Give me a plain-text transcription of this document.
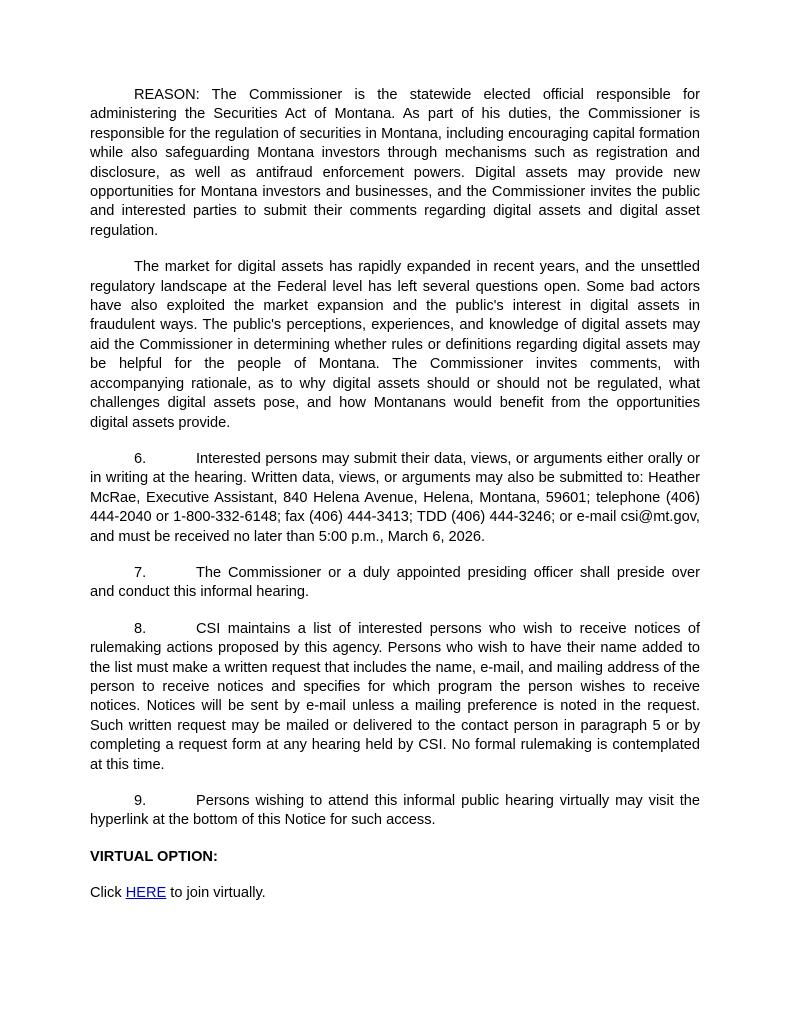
REASON: The Commissioner is the statewide elected official responsible for administering the Securities Act of Montana. As part of his duties, the Commissioner is responsible for the regulation of securities in Montana, including encouraging capital formation while also safeguarding Montana investors through mechanisms such as registration and disclosure, as well as antifraud enforcement powers. Digital assets may provide new opportunities for Montana investors and businesses, and the Commissioner invites the public and interested parties to submit their comments regarding digital assets and digital asset regulation.

The market for digital assets has rapidly expanded in recent years, and the unsettled regulatory landscape at the Federal level has left several questions open. Some bad actors have also exploited the market expansion and the public's interest in digital assets in fraudulent ways. The public's perceptions, experiences, and knowledge of digital assets may aid the Commissioner in determining whether rules or definitions regarding digital assets may be helpful for the people of Montana. The Commissioner invites comments, with accompanying rationale, as to why digital assets should or should not be regulated, what challenges digital assets pose, and how Montanans would benefit from the opportunities digital assets provide.

6.	Interested persons may submit their data, views, or arguments either orally or in writing at the hearing. Written data, views, or arguments may also be submitted to: Heather McRae, Executive Assistant, 840 Helena Avenue, Helena, Montana, 59601; telephone (406) 444-2040 or 1-800-332-6148; fax (406) 444-3413; TDD (406) 444-3246; or e-mail csi@mt.gov, and must be received no later than 5:00 p.m., March 6, 2026.

7.	The Commissioner or a duly appointed presiding officer shall preside over and conduct this informal hearing.

8.	CSI maintains a list of interested persons who wish to receive notices of rulemaking actions proposed by this agency. Persons who wish to have their name added to the list must make a written request that includes the name, e-mail, and mailing address of the person to receive notices and specifies for which program the person wishes to receive notices. Notices will be sent by e-mail unless a mailing preference is noted in the request. Such written request may be mailed or delivered to the contact person in paragraph 5 or by completing a request form at any hearing held by CSI. No formal rulemaking is contemplated at this time.

9.	Persons wishing to attend this informal public hearing virtually may visit the hyperlink at the bottom of this Notice for such access.

VIRTUAL OPTION:

Click HERE to join virtually.
